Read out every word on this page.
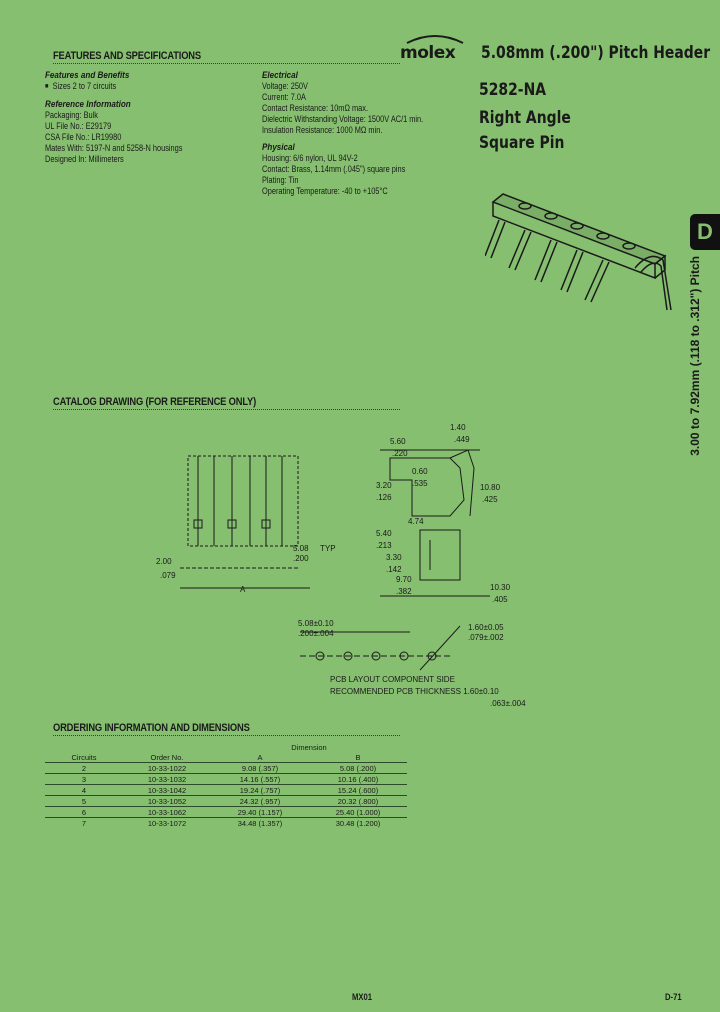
FEATURES AND SPECIFICATIONS	molex 5.08mm (.200") Pitch Header
5282-NA
Right Angle
Square Pin
Features and Benefits
■ Sizes 2 to 7 circuits
Reference Information
Packaging: Bulk
UL File No.: E29179
CSA File No.: LR19980
Mates With: 5197-N and 5258-N housings
Designed In: Millimeters
Electrical
Voltage: 250V
Current: 7.0A
Contact Resistance: 10mΩ max.
Dielectric Withstanding Voltage: 1500V AC/1 min.
Insulation Resistance: 1000 MΩ min.
Physical
Housing: 6/6 nylon, UL 94V-2
Contact: Brass, 1.14mm (.045") square pins
Plating: Tin
Operating Temperature: -40 to +105°C
D
3.00 to 7.92mm (.118 to .312") Pitch
CATALOG DRAWING (FOR REFERENCE ONLY)
5.08
.200
TYP
2.00
.079
A
5.60
.220
1.40
.449
3.20
.126
0.60
.535	10.80
.425
4.74
5.40
.213
3.30
.142
9.70
.382	10.30
.405
5.08±0.10
.200±.004
1.60±0.05
.079±.002
PCB LAYOUT COMPONENT SIDE
RECOMMENDED PCB THICKNESS 1.60±0.10
.063±.004
ORDERING INFORMATION AND DIMENSIONS
		Dimension	
Circuits	Order No.	A	B
2	10-33-1022	9.08 (.357)	5.08 (.200)
3	10-33-1032	14.16 (.557)	10.16 (.400)
4	10-33-1042	19.24 (.757)	15.24 (.600)
5	10-33-1052	24.32 (.957)	20.32 (.800)
6	10-33-1062	29.40 (1.157)	25.40 (1.000)
7	10-33-1072	34.48 (1.357)	30.48 (1.200)
MX01	D-71
